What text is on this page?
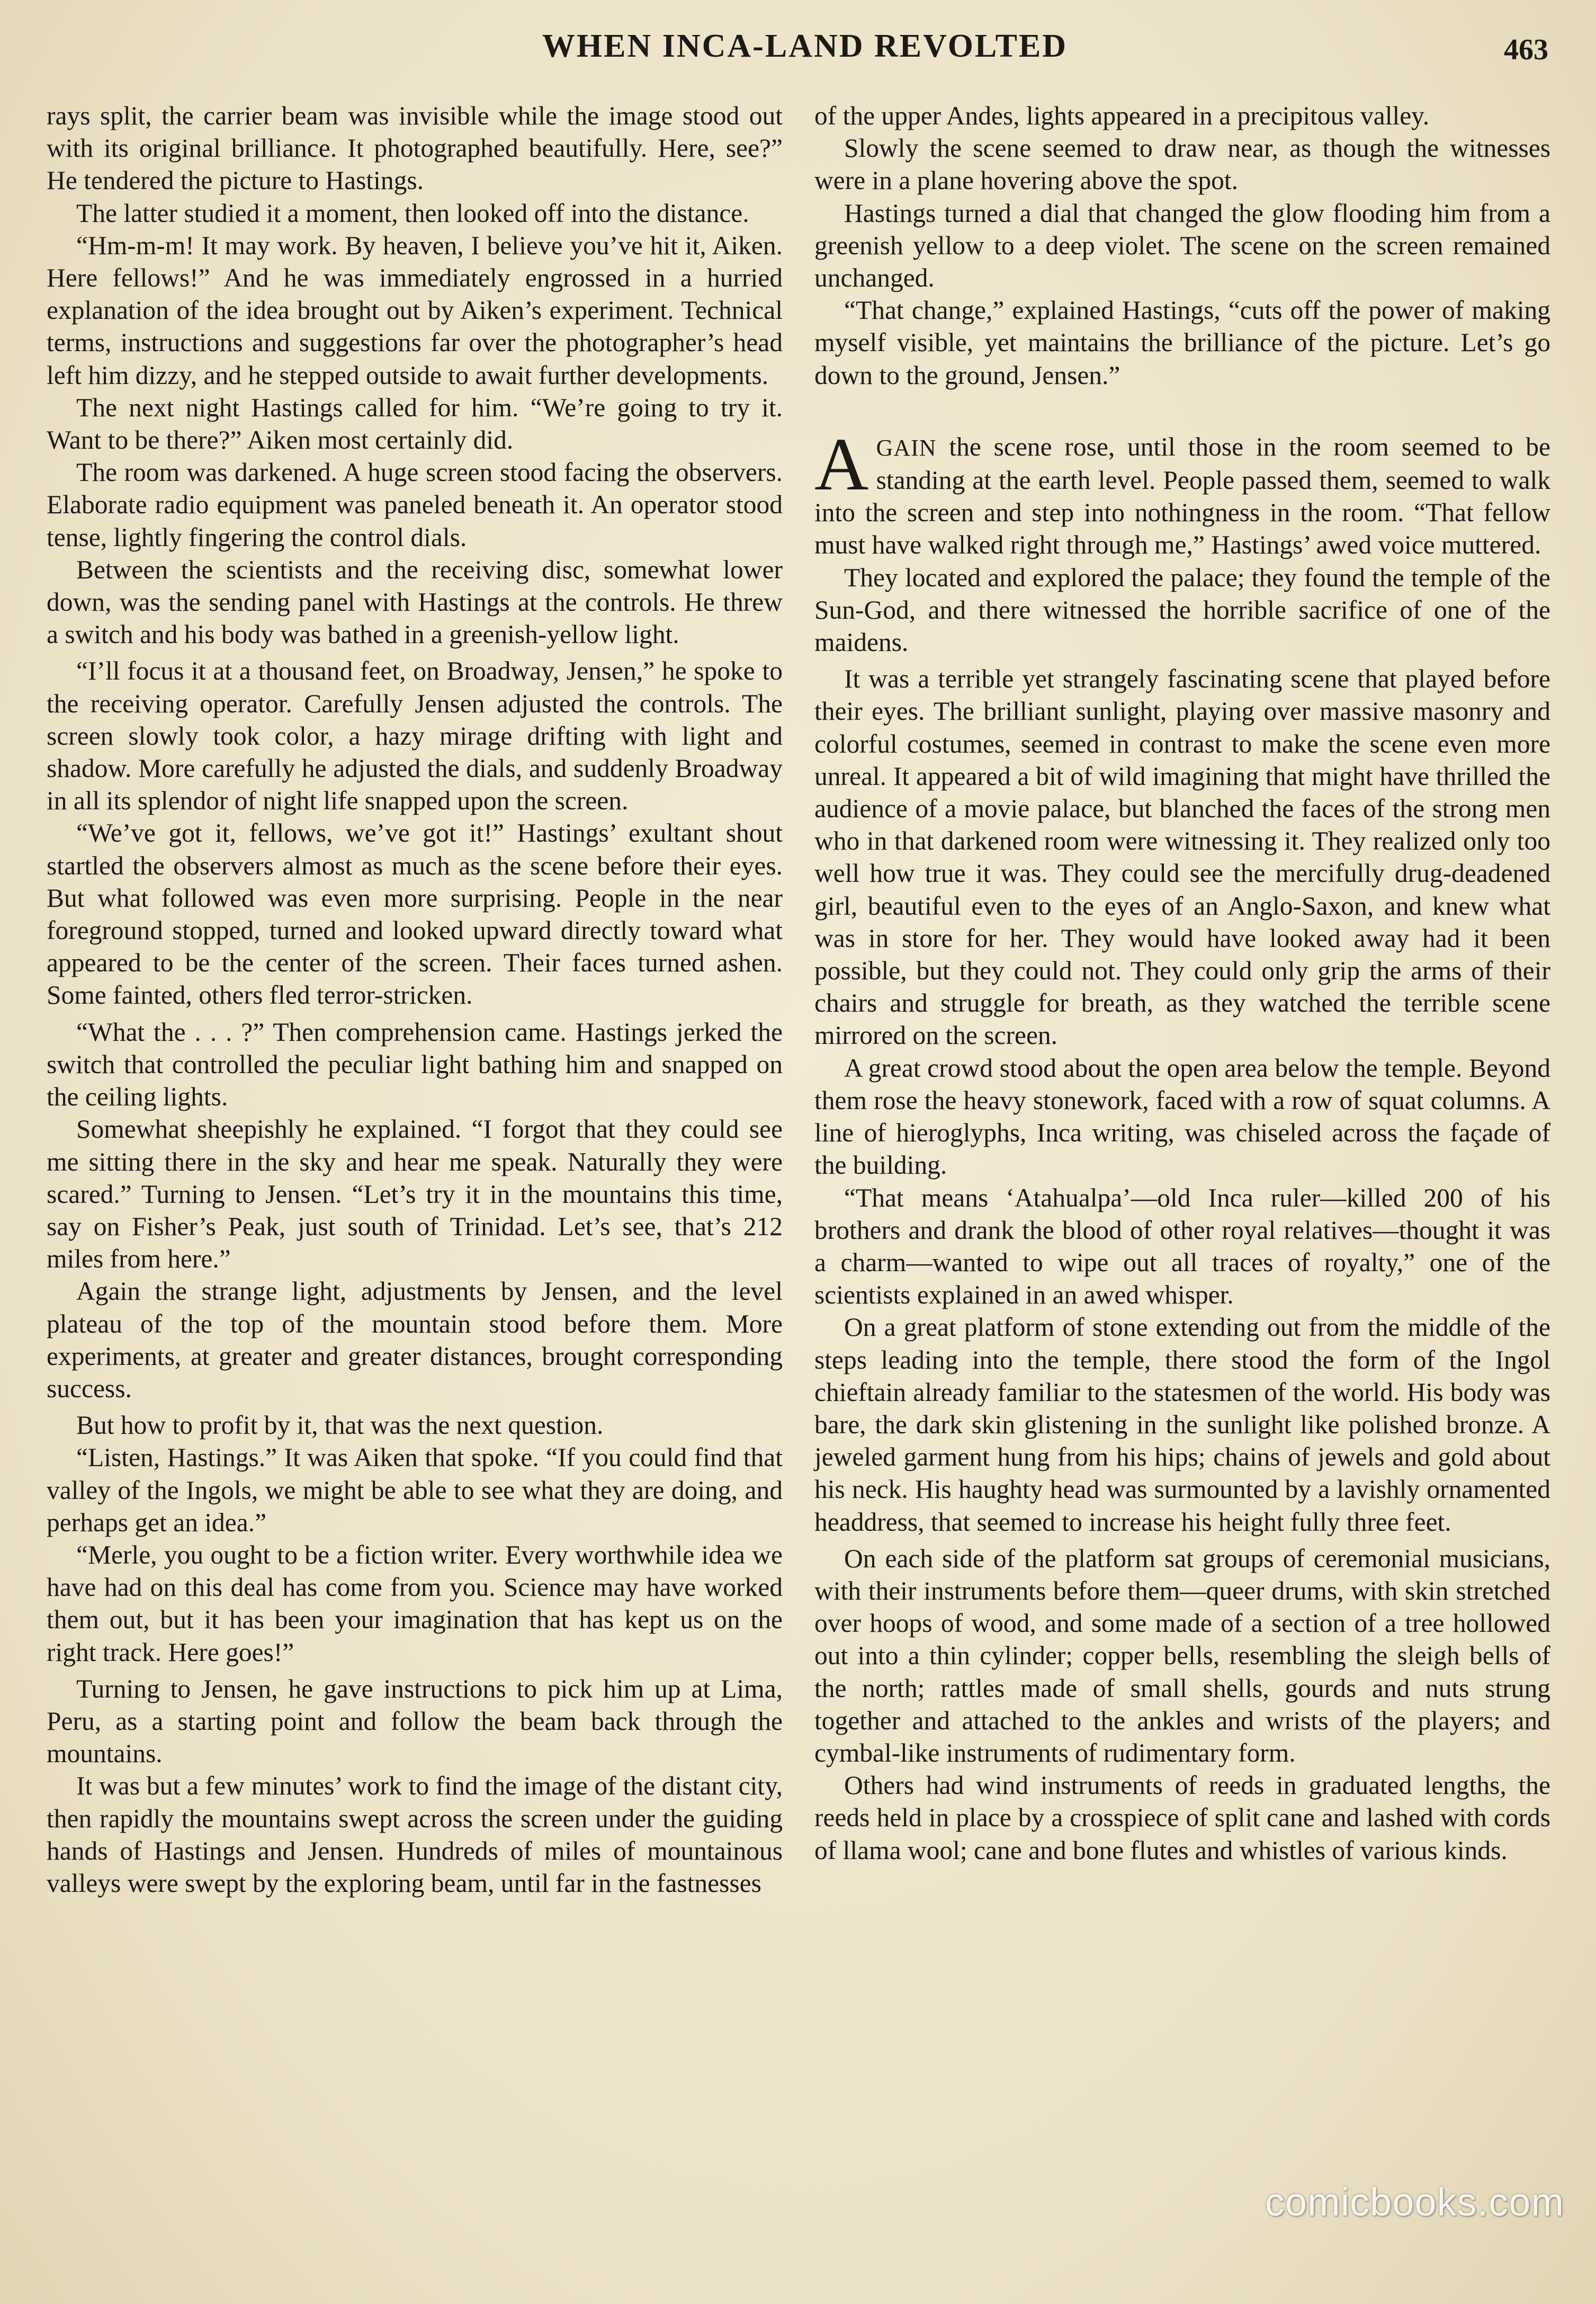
WHEN INCA-LAND REVOLTED	463

rays split, the carrier beam was invisible while the image stood out with its original brilliance. It photographed beautifully. Here, see?” He tendered the picture to Hastings.

The latter studied it a moment, then looked off into the distance.

“Hm-m-m! It may work. By heaven, I believe you’ve hit it, Aiken. Here fellows!” And he was immediately engrossed in a hurried explanation of the idea brought out by Aiken’s experiment. Technical terms, instructions and suggestions far over the photographer’s head left him dizzy, and he stepped outside to await further developments.

The next night Hastings called for him. “We’re going to try it. Want to be there?” Aiken most certainly did.

The room was darkened. A huge screen stood facing the observers. Elaborate radio equipment was paneled beneath it. An operator stood tense, lightly fingering the control dials.

Between the scientists and the receiving disc, somewhat lower down, was the sending panel with Hastings at the controls. He threw a switch and his body was bathed in a greenish-yellow light.

“I’ll focus it at a thousand feet, on Broadway, Jensen,” he spoke to the receiving operator. Carefully Jensen adjusted the controls. The screen slowly took color, a hazy mirage drifting with light and shadow. More carefully he adjusted the dials, and suddenly Broadway in all its splendor of night life snapped upon the screen.

“We’ve got it, fellows, we’ve got it!” Hastings’ exultant shout startled the observers almost as much as the scene before their eyes. But what followed was even more surprising. People in the near foreground stopped, turned and looked upward directly toward what appeared to be the center of the screen. Their faces turned ashen. Some fainted, others fled terror-stricken.

“What the . . . ?” Then comprehension came. Hastings jerked the switch that controlled the peculiar light bathing him and snapped on the ceiling lights.

Somewhat sheepishly he explained. “I forgot that they could see me sitting there in the sky and hear me speak. Naturally they were scared.” Turning to Jensen. “Let’s try it in the mountains this time, say on Fisher’s Peak, just south of Trinidad. Let’s see, that’s 212 miles from here.”

Again the strange light, adjustments by Jensen, and the level plateau of the top of the mountain stood before them. More experiments, at greater and greater distances, brought corresponding success.

But how to profit by it, that was the next question.

“Listen, Hastings.” It was Aiken that spoke. “If you could find that valley of the Ingols, we might be able to see what they are doing, and perhaps get an idea.”

“Merle, you ought to be a fiction writer. Every worthwhile idea we have had on this deal has come from you. Science may have worked them out, but it has been your imagination that has kept us on the right track. Here goes!”

Turning to Jensen, he gave instructions to pick him up at Lima, Peru, as a starting point and follow the beam back through the mountains.

It was but a few minutes’ work to find the image of the distant city, then rapidly the mountains swept across the screen under the guiding hands of Hastings and Jensen. Hundreds of miles of mountainous valleys were swept by the exploring beam, until far in the fastnesses

of the upper Andes, lights appeared in a precipitous valley.

Slowly the scene seemed to draw near, as though the witnesses were in a plane hovering above the spot.

Hastings turned a dial that changed the glow flooding him from a greenish yellow to a deep violet. The scene on the screen remained unchanged.

“That change,” explained Hastings, “cuts off the power of making myself visible, yet maintains the brilliance of the picture. Let’s go down to the ground, Jensen.”

AGAIN the scene rose, until those in the room seemed to be standing at the earth level. People passed them, seemed to walk into the screen and step into nothingness in the room. “That fellow must have walked right through me,” Hastings’ awed voice muttered.

They located and explored the palace; they found the temple of the Sun-God, and there witnessed the horrible sacrifice of one of the maidens.

It was a terrible yet strangely fascinating scene that played before their eyes. The brilliant sunlight, playing over massive masonry and colorful costumes, seemed in contrast to make the scene even more unreal. It appeared a bit of wild imagining that might have thrilled the audience of a movie palace, but blanched the faces of the strong men who in that darkened room were witnessing it. They realized only too well how true it was. They could see the mercifully drug-deadened girl, beautiful even to the eyes of an Anglo-Saxon, and knew what was in store for her. They would have looked away had it been possible, but they could not. They could only grip the arms of their chairs and struggle for breath, as they watched the terrible scene mirrored on the screen.

A great crowd stood about the open area below the temple. Beyond them rose the heavy stonework, faced with a row of squat columns. A line of hieroglyphs, Inca writing, was chiseled across the façade of the building.

“That means ‘Atahualpa’—old Inca ruler—killed 200 of his brothers and drank the blood of other royal relatives—thought it was a charm—wanted to wipe out all traces of royalty,” one of the scientists explained in an awed whisper.

On a great platform of stone extending out from the middle of the steps leading into the temple, there stood the form of the Ingol chieftain already familiar to the statesmen of the world. His body was bare, the dark skin glistening in the sunlight like polished bronze. A jeweled garment hung from his hips; chains of jewels and gold about his neck. His haughty head was surmounted by a lavishly ornamented headdress, that seemed to increase his height fully three feet.

On each side of the platform sat groups of ceremonial musicians, with their instruments before them—queer drums, with skin stretched over hoops of wood, and some made of a section of a tree hollowed out into a thin cylinder; copper bells, resembling the sleigh bells of the north; rattles made of small shells, gourds and nuts strung together and attached to the ankles and wrists of the players; and cymbal-like instruments of rudimentary form.

Others had wind instruments of reeds in graduated lengths, the reeds held in place by a crosspiece of split cane and lashed with cords of llama wool; cane and bone flutes and whistles of various kinds.

comicbooks.com
